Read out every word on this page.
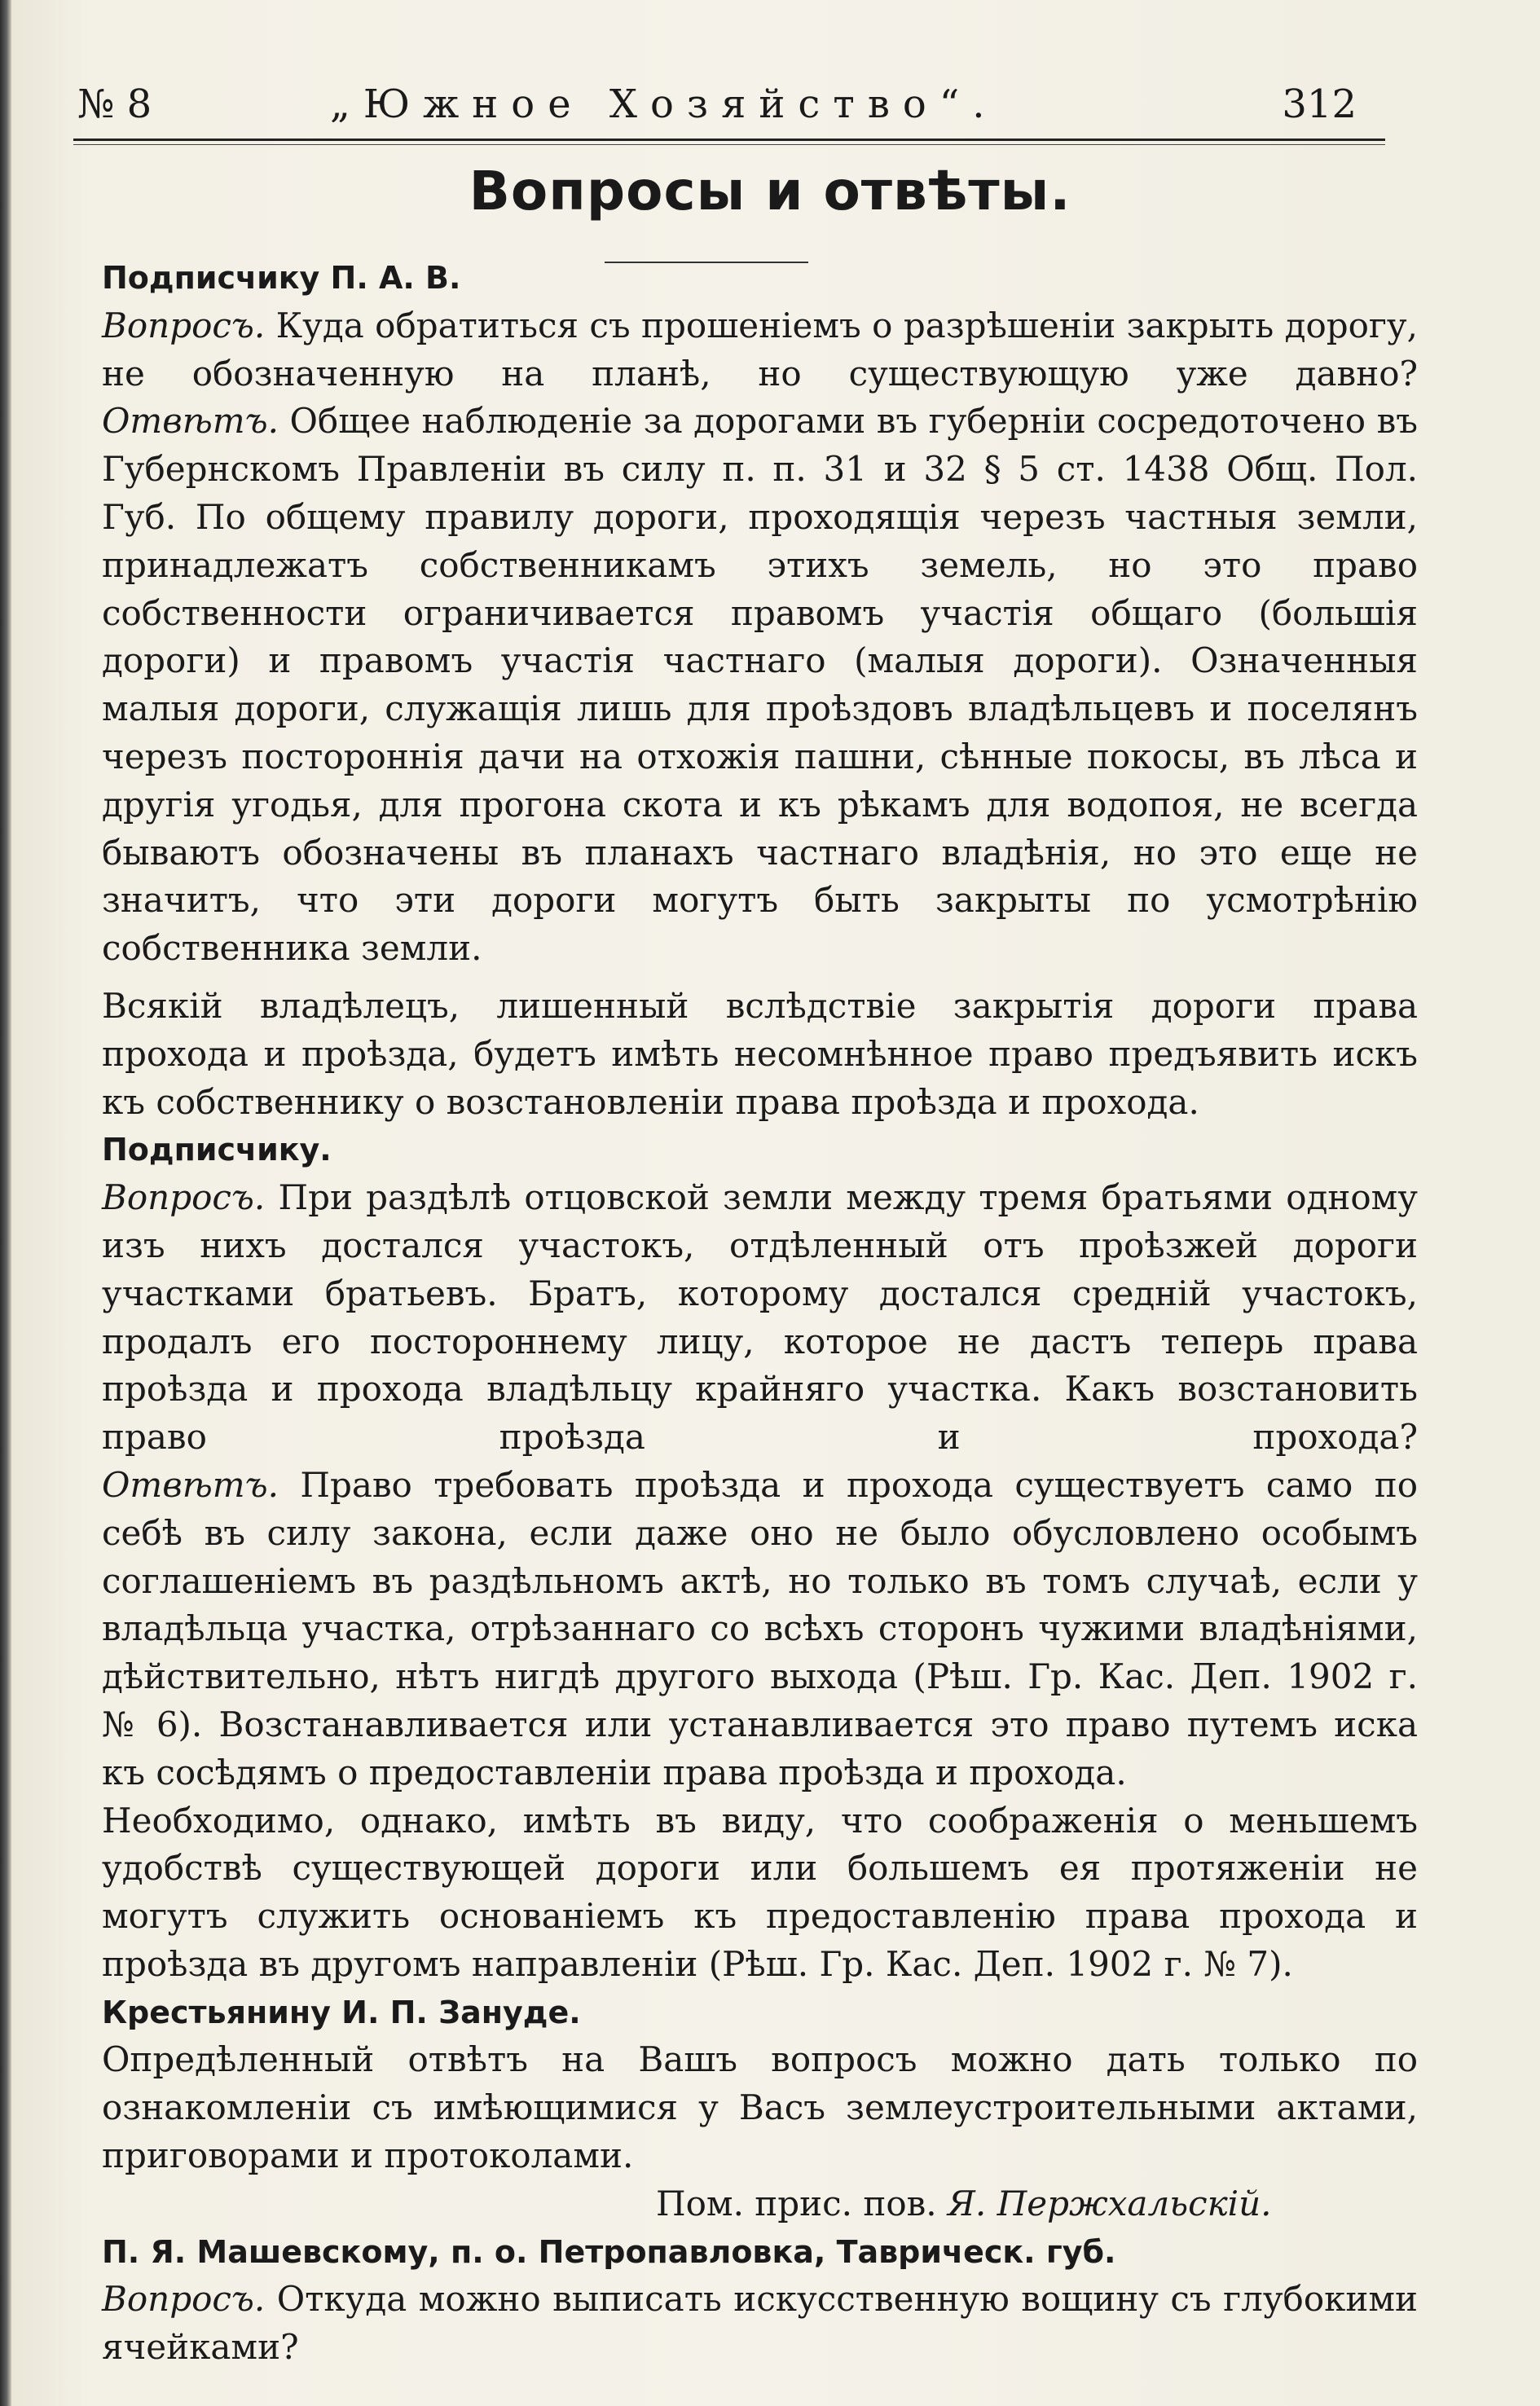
№ 8	„Южное Хозяйство“.	312
Вопросы и отвѣты.

Подписчику П. А. В.

Вопросъ. Куда обратиться съ прошеніемъ о разрѣшеніи закрыть дорогу, не обозначенную на планѣ, но существующую уже давно?

Отвѣтъ. Общее наблюденіе за дорогами въ губерніи сосредоточено въ Губернскомъ Правленіи въ силу п. п. 31 и 32 § 5 ст. 1438 Общ. Пол. Губ. По общему правилу дороги, проходящія черезъ частныя земли, принадлежатъ собственникамъ этихъ земель, но это право собственности ограничивается правомъ участія общаго (большія дороги) и правомъ участія частнаго (малыя дороги). Означенныя малыя дороги, служащія лишь для проѣздовъ владѣльцевъ и поселянъ черезъ постороннія дачи на отхожія пашни, сѣнные покосы, въ лѣса и другія угодья, для прогона скота и къ рѣкамъ для водопоя, не всегда бываютъ обозначены въ планахъ частнаго владѣнія, но это еще не значитъ, что эти дороги могутъ быть закрыты по усмотрѣнію собственника земли.

Всякій владѣлецъ, лишенный вслѣдствіе закрытія дороги права прохода и проѣзда, будетъ имѣть несомнѣнное право предъявить искъ къ собственнику о возстановленіи права проѣзда и прохода.

Подписчику.

Вопросъ. При раздѣлѣ отцовской земли между тремя братьями одному изъ нихъ достался участокъ, отдѣленный отъ проѣзжей дороги участками братьевъ. Братъ, которому достался средній участокъ, продалъ его постороннему лицу, которое не дастъ теперь права проѣзда и прохода владѣльцу крайняго участка. Какъ возстановить право проѣзда и прохода?

Отвѣтъ. Право требовать проѣзда и прохода существуетъ само по себѣ въ силу закона, если даже оно не было обусловлено особымъ соглашеніемъ въ раздѣльномъ актѣ, но только въ томъ случаѣ, если у владѣльца участка, отрѣзаннаго со всѣхъ сторонъ чужими владѣніями, дѣйствительно, нѣтъ нигдѣ другого выхода (Рѣш. Гр. Кас. Деп. 1902 г. № 6). Возстанавливается или устанавливается это право путемъ иска къ сосѣдямъ о предоставленіи права проѣзда и прохода.

Необходимо, однако, имѣть въ виду, что соображенія о меньшемъ удобствѣ существующей дороги или большемъ ея протяженіи не могутъ служить основаніемъ къ предоставленію права прохода и проѣзда въ другомъ направленіи (Рѣш. Гр. Кас. Деп. 1902 г. № 7).

Крестьянину И. П. Зануде.

Опредѣленный отвѣтъ на Вашъ вопросъ можно дать только по ознакомленіи съ имѣющимися у Васъ землеустроительными актами, приговорами и протоколами.

Пом. прис. пов. Я. Пержхальскій.

П. Я. Машевскому, п. о. Петропавловка, Таврическ. губ.

Вопросъ. Откуда можно выписать искусственную вощину съ глубокими ячейками?
